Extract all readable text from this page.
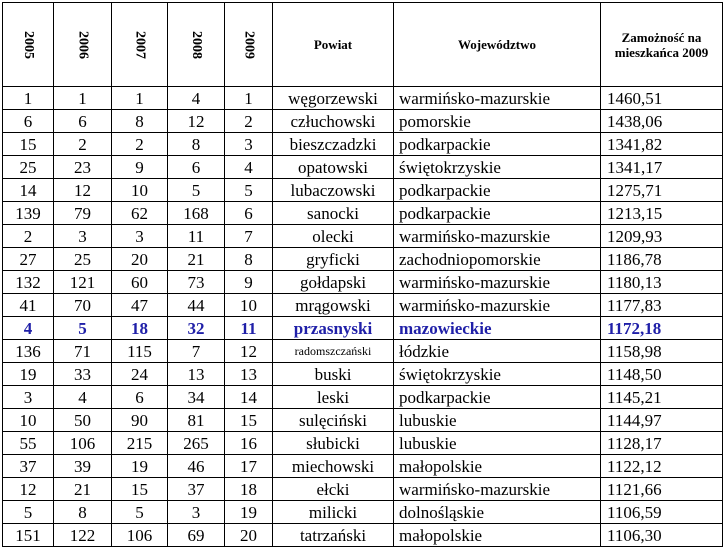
2005	2006	2007	2008	2009	Powiat	Województwo	Zamożność na mieszkańca 2009
1	1	1	4	1	węgorzewski	warmińsko-mazurskie	1460,51
6	6	8	12	2	człuchowski	pomorskie	1438,06
15	2	2	8	3	bieszczadzki	podkarpackie	1341,82
25	23	9	6	4	opatowski	świętokrzyskie	1341,17
14	12	10	5	5	lubaczowski	podkarpackie	1275,71
139	79	62	168	6	sanocki	podkarpackie	1213,15
2	3	3	11	7	olecki	warmińsko-mazurskie	1209,93
27	25	20	21	8	gryficki	zachodniopomorskie	1186,78
132	121	60	73	9	gołdapski	warmińsko-mazurskie	1180,13
41	70	47	44	10	mrągowski	warmińsko-mazurskie	1177,83
4	5	18	32	11	przasnyski	mazowieckie	1172,18
136	71	115	7	12	radomszczański	łódzkie	1158,98
19	33	24	13	13	buski	świętokrzyskie	1148,50
3	4	6	34	14	leski	podkarpackie	1145,21
10	50	90	81	15	sulęciński	lubuskie	1144,97
55	106	215	265	16	słubicki	lubuskie	1128,17
37	39	19	46	17	miechowski	małopolskie	1122,12
12	21	15	37	18	ełcki	warmińsko-mazurskie	1121,66
5	8	5	3	19	milicki	dolnośląskie	1106,59
151	122	106	69	20	tatrzański	małopolskie	1106,30
